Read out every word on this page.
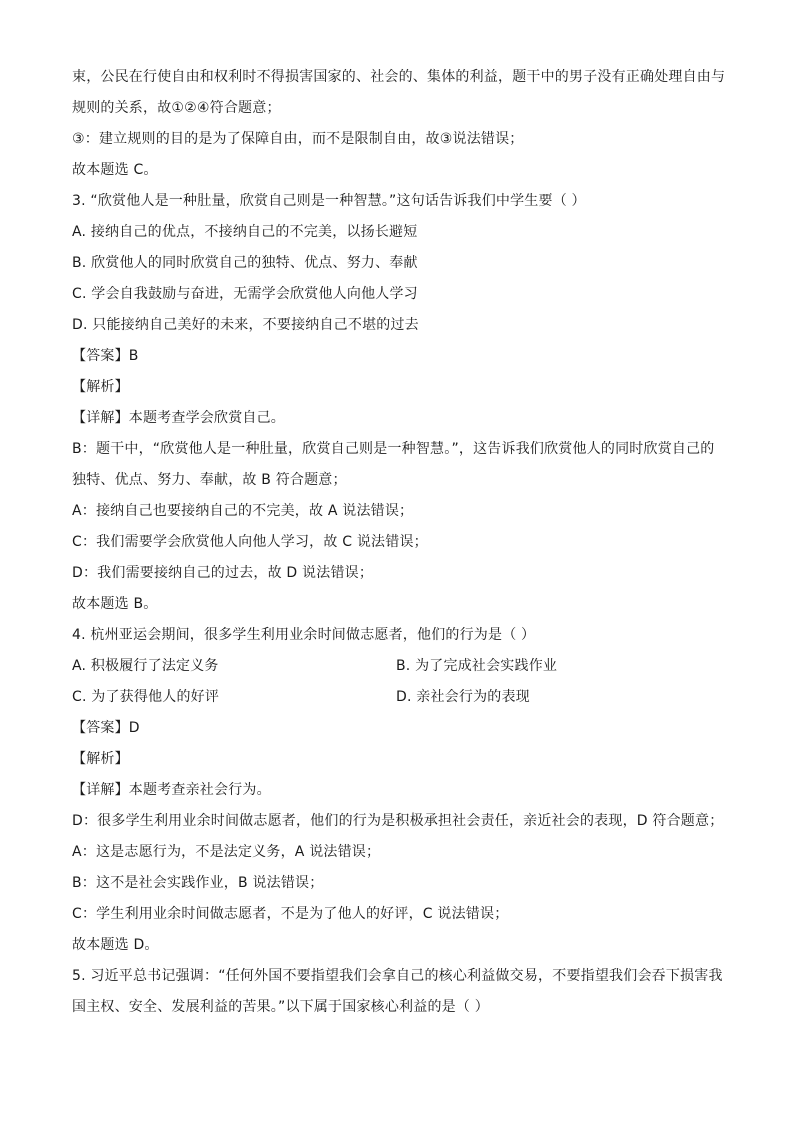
束，公民在行使自由和权利时不得损害国家的、社会的、集体的利益，题干中的男子没有正确处理自由与
规则的关系，故①②④符合题意；
③：建立规则的目的是为了保障自由，而不是限制自由，故③说法错误；
故本题选 C。
3. “欣赏他人是一种肚量，欣赏自己则是一种智慧。”这句话告诉我们中学生要（ ）
A. 接纳自己的优点，不接纳自己的不完美，以扬长避短
B. 欣赏他人的同时欣赏自己的独特、优点、努力、奉献
C. 学会自我鼓励与奋进，无需学会欣赏他人向他人学习
D. 只能接纳自己美好的未来，不要接纳自己不堪的过去
【答案】B
【解析】
【详解】本题考查学会欣赏自己。
B：题干中，“欣赏他人是一种肚量，欣赏自己则是一种智慧。”，这告诉我们欣赏他人的同时欣赏自己的
独特、优点、努力、奉献，故 B 符合题意；
A：接纳自己也要接纳自己的不完美，故 A 说法错误；
C：我们需要学会欣赏他人向他人学习，故 C 说法错误；
D：我们需要接纳自己的过去，故 D 说法错误；
故本题选 B。
4. 杭州亚运会期间，很多学生利用业余时间做志愿者，他们的行为是（ ）
A. 积极履行了法定义务	B. 为了完成社会实践作业
C. 为了获得他人的好评	D. 亲社会行为的表现
【答案】D
【解析】
【详解】本题考查亲社会行为。
D：很多学生利用业余时间做志愿者，他们的行为是积极承担社会责任，亲近社会的表现，D 符合题意；
A：这是志愿行为，不是法定义务，A 说法错误；
B：这不是社会实践作业，B 说法错误；
C：学生利用业余时间做志愿者，不是为了他人的好评，C 说法错误；
故本题选 D。
5. 习近平总书记强调：“任何外国不要指望我们会拿自己的核心利益做交易，不要指望我们会吞下损害我
国主权、安全、发展利益的苦果。”以下属于国家核心利益的是（ ）
